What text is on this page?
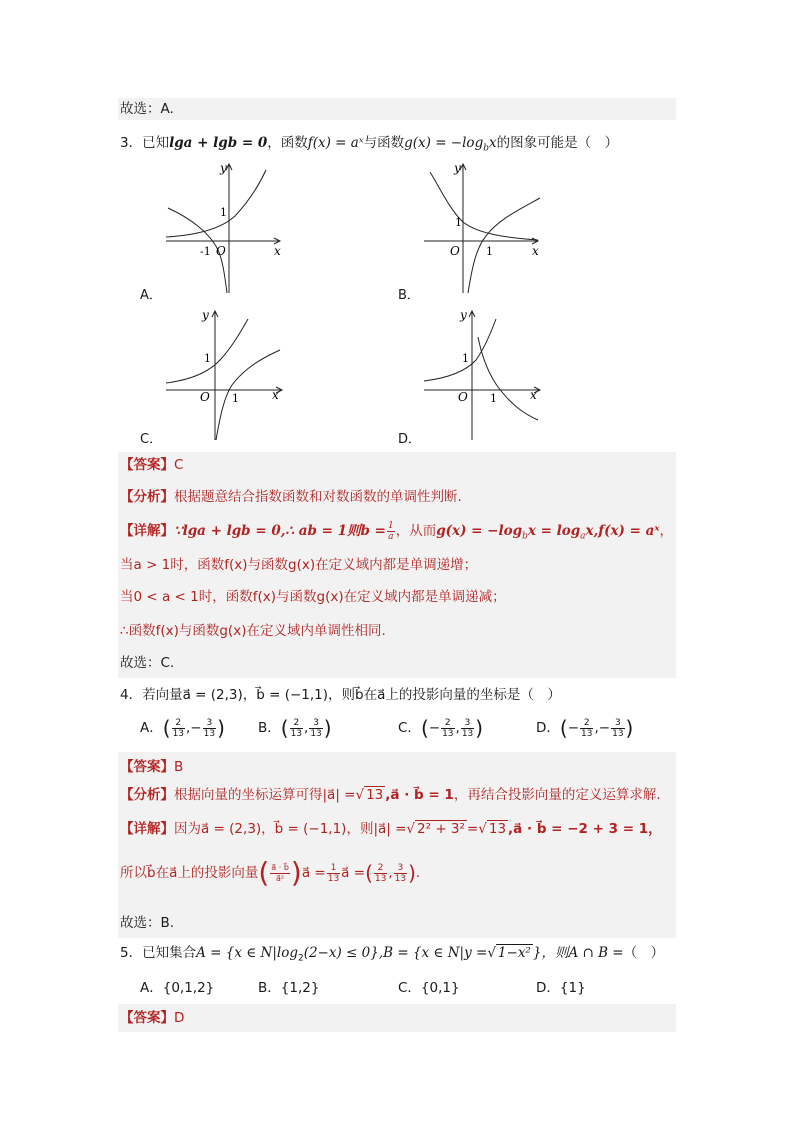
故选：A.
3．已知lga + lgb = 0，函数f(x) = aˣ与函数$g(x) = -\log_bx$的图象可能是（　）
y
x
O
1
-1
A．
y
x
O
1
1
B．
y
x
O
1
1
C．
y
x
O
1
1
D．
【答案】C
【分析】根据题意结合指数函数和对数函数的单调性判断.
【详解】∵lga + lgb = 0,∴ ab = 1则$b = \frac{1}{a}$ ，从而$g(x) = -\log_bx = \log_ax,f(x)$ = aˣ，
当a > 1时，函数f(x)与函数g(x)在定义域内都是单调递增；
当0 < a < 1时，函数f(x)与函数g(x)在定义域内都是单调递减；
∴函数f(x)与函数g(x)在定义域内单调性相同.
故选：C.
4．若向量a⃗ = (2,3)，b⃗ = (−1,1)，则b⃗在a⃗上的投影向量的坐标是（　）
A．( $\frac{2}{13}$ ,− $\frac{3}{13}$ ) B．( $\frac{2}{13}$ , $\frac{3}{13}$ )	C．(− $\frac{2}{13}$ , $\frac{3}{13}$ )	D．(− $\frac{2}{13}$ ,− $\frac{3}{13}$ )
【答案】B
【分析】根据向量的坐标运算可得|a⃗| =√ 13 ,a⃗ · b⃗ = 1，再结合投影向量的定义运算求解.
【详解】因为a⃗ = (2,3)，b⃗ = (−1,1)，则|a⃗| =√ 2² + 3² =√ 13 ,a⃗ · b⃗ = −2 + 3 = 1，
所以b⃗在a⃗上的投影向量( $\frac{a⃗ \cdot b⃗}{\text{a⃗²}}$ )a⃗ = $\frac{1}{13}$ a⃗ =( $\frac{2}{13}$ , $\frac{3}{13}$ ).
故选：B.
5．已知集合A = {x ∈ $N|\log_2(2-x) \le 0\},B = \{x$ ∈ N|y =√ 1−x² }，则A ∩ B =（　）
A．{0,1,2}	B．{1,2}	C．{0,1}	D．{1}
【答案】D
